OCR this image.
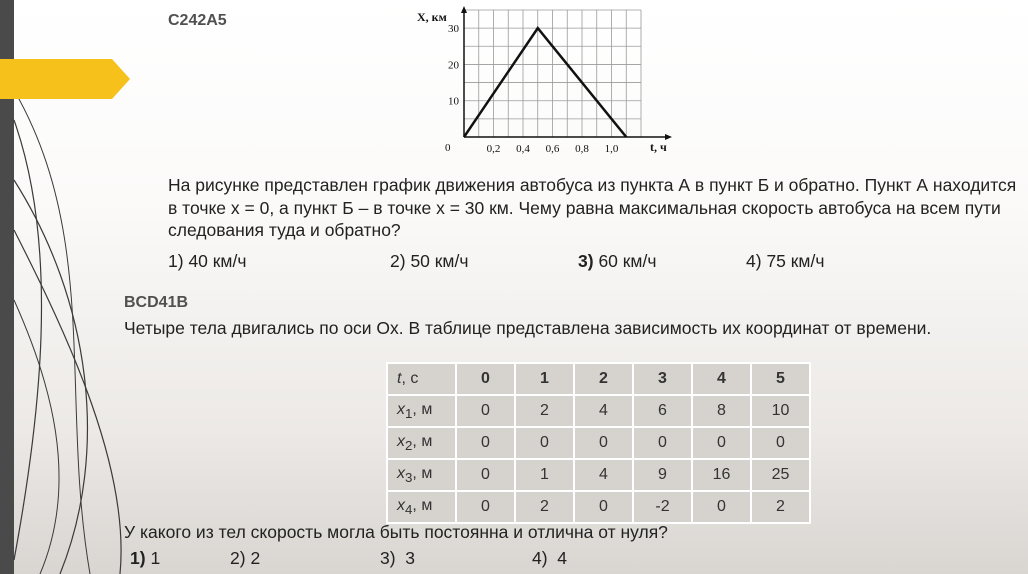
С242А5
10
20
30
0,2 0,4 0,6 0,8 1,0
X, км
t, ч
0
На рисунке представлен график движения автобуса из пункта А в пункт Б и обратно. Пункт А находится в точке x = 0, а пункт Б – в точке x = 30 км. Чему равна максимальная скорость автобуса на всем пути следования туда и обратно?
1) 40 км/ч	2) 50 км/ч	3) 60 км/ч	4) 75 км/ч
BCD41B
Четыре тела двигались по оси Ox. В таблице представлена зависимость их координат от времени.
t, c	0	1	2	3	4	5
$x_1$, м	0	2	4	6	8	10
$x_2$, м	0	0	0	0	0	0
$x_3$, м	0	1	4	9	16	25
$x_4$, м	0	2	0	-2	0	2
У какого из тел скорость могла быть постоянна и отлична от нуля?
1) 1	2) 2	3) 3	4) 4
